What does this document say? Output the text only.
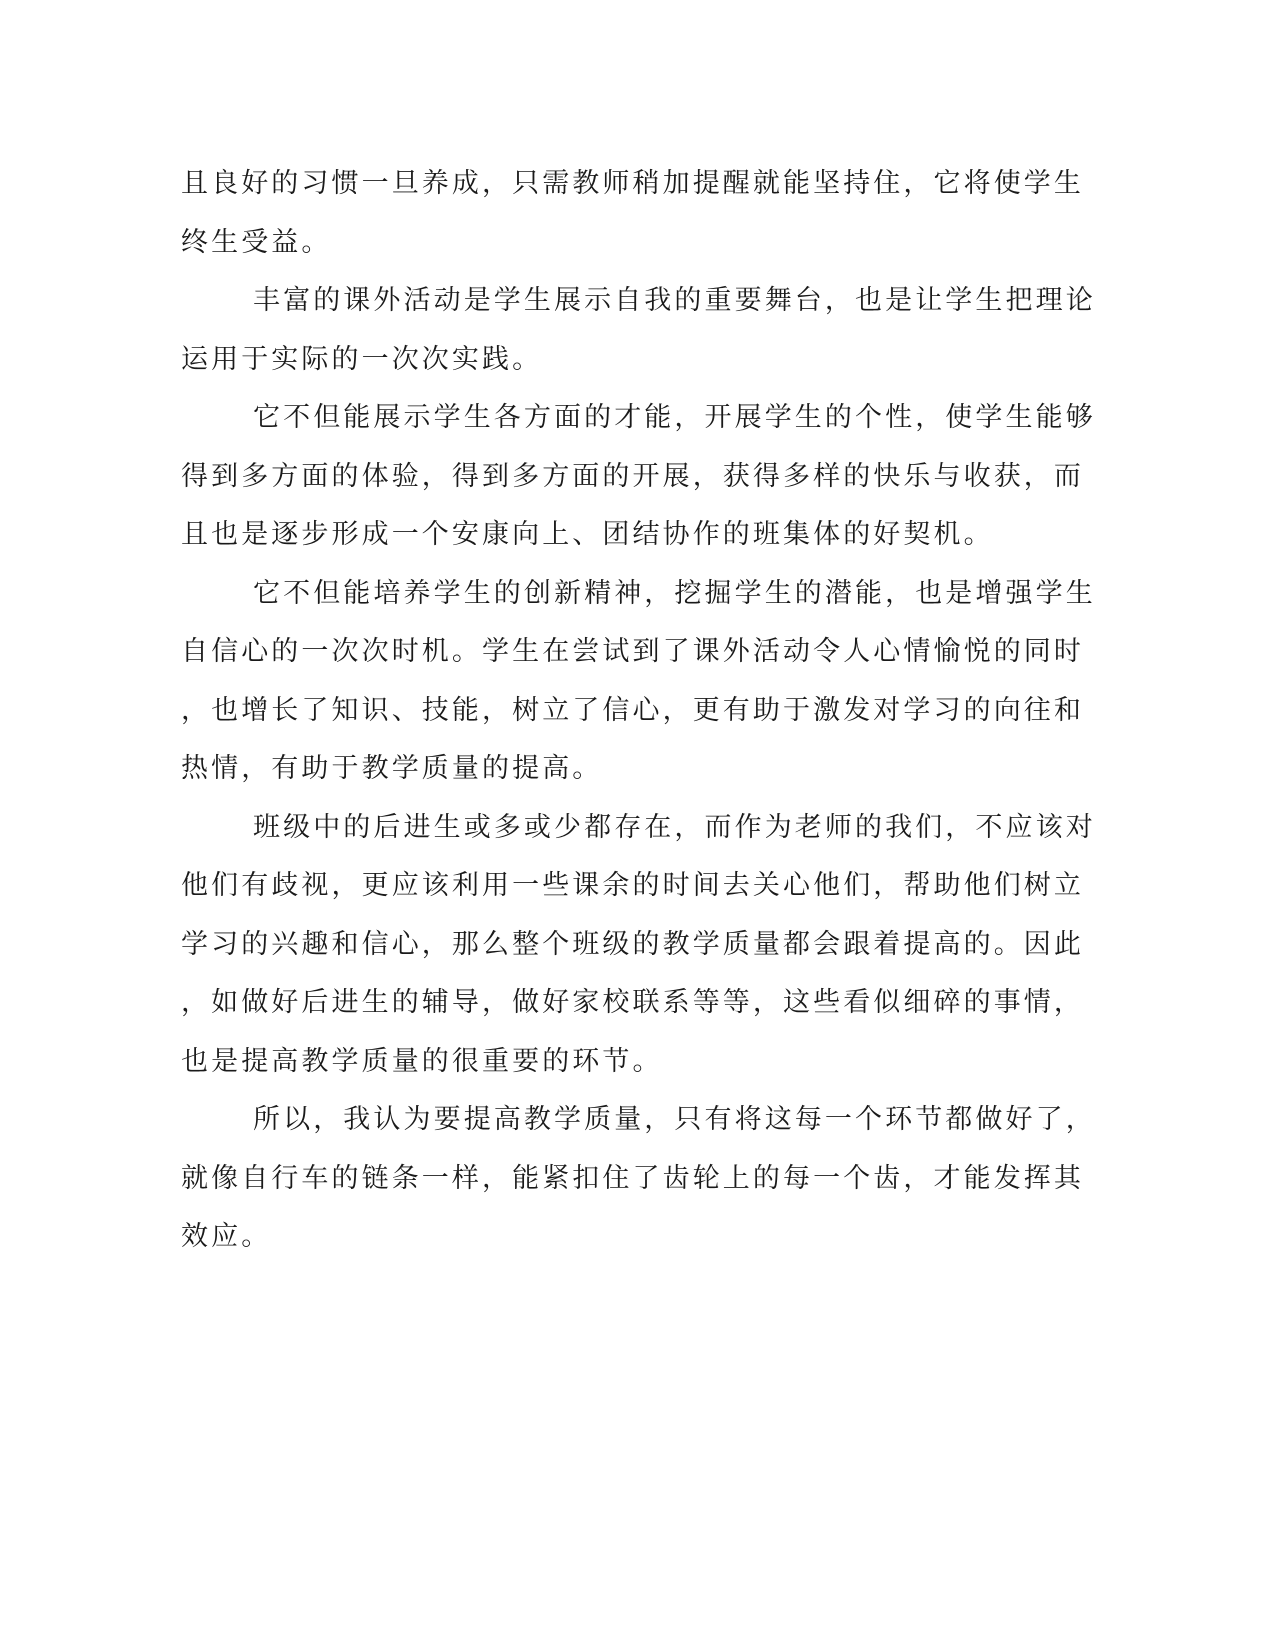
且良好的习惯一旦养成，只需教师稍加提醒就能坚持住，它将使学生
终生受益。
丰富的课外活动是学生展示自我的重要舞台，也是让学生把理论
运用于实际的一次次实践。
它不但能展示学生各方面的才能，开展学生的个性，使学生能够
得到多方面的体验，得到多方面的开展，获得多样的快乐与收获，而
且也是逐步形成一个安康向上、团结协作的班集体的好契机。
它不但能培养学生的创新精神，挖掘学生的潜能，也是增强学生
自信心的一次次时机。学生在尝试到了课外活动令人心情愉悦的同时
，也增长了知识、技能，树立了信心，更有助于激发对学习的向往和
热情，有助于教学质量的提高。
班级中的后进生或多或少都存在，而作为老师的我们，不应该对
他们有歧视，更应该利用一些课余的时间去关心他们，帮助他们树立
学习的兴趣和信心，那么整个班级的教学质量都会跟着提高的。因此
，如做好后进生的辅导，做好家校联系等等，这些看似细碎的事情，
也是提高教学质量的很重要的环节。
所以，我认为要提高教学质量，只有将这每一个环节都做好了，
就像自行车的链条一样，能紧扣住了齿轮上的每一个齿，才能发挥其
效应。
